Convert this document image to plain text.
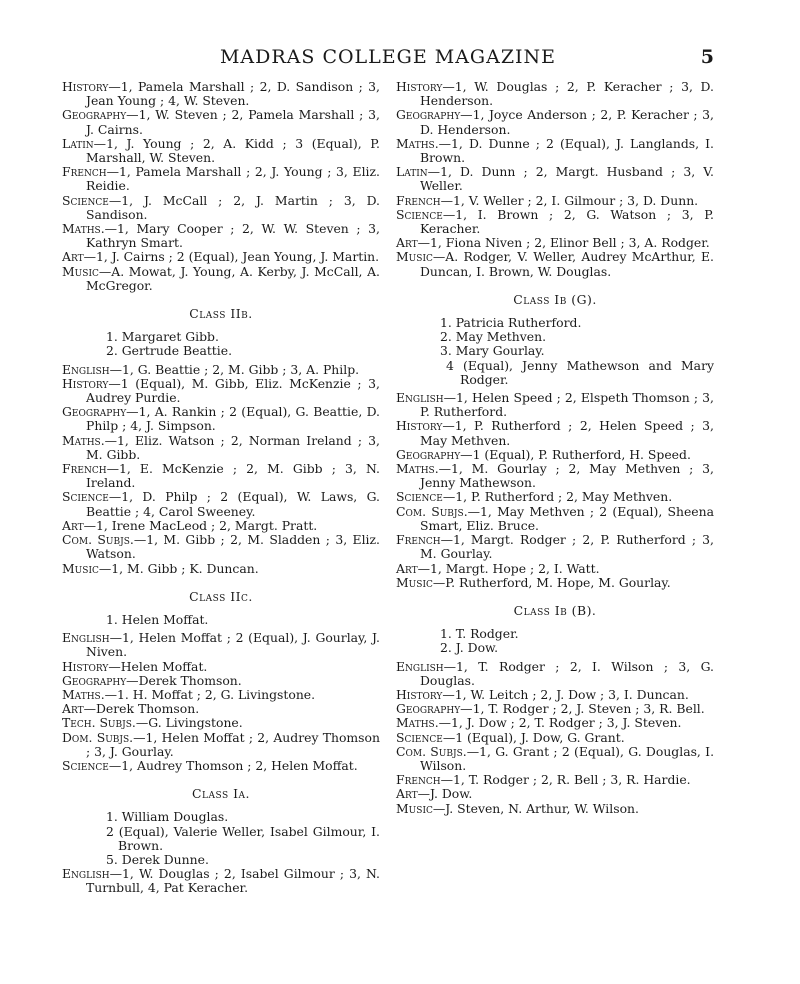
MADRAS COLLEGE MAGAZINE	5

History—1, Pamela Marshall ; 2, D. Sandison ; 3, Jean Young ; 4, W. Steven.

Geography—1, W. Steven ; 2, Pamela Marshall ; 3, J. Cairns.

Latin—1, J. Young ; 2, A. Kidd ; 3 (Equal), P. Marshall, W. Steven.

French—1, Pamela Marshall ; 2, J. Young ; 3, Eliz. Reidie.

Science—1, J. McCall ; 2, J. Martin ; 3, D. Sandison.

Maths.—1, Mary Cooper ; 2, W. W. Steven ; 3, Kathryn Smart.

Art—1, J. Cairns ; 2 (Equal), Jean Young, J. Martin.

Music—A. Mowat, J. Young, A. Kerby, J. McCall, A. McGregor.

Class IIb.

1. Margaret Gibb.

2. Gertrude Beattie.

English—1, G. Beattie ; 2, M. Gibb ; 3, A. Philp.

History—1 (Equal), M. Gibb, Eliz. McKenzie ; 3, Audrey Purdie.

Geography—1, A. Rankin ; 2 (Equal), G. Beattie, D. Philp ; 4, J. Simpson.

Maths.—1, Eliz. Watson ; 2, Norman Ireland ; 3, M. Gibb.

French—1, E. McKenzie ; 2, M. Gibb ; 3, N. Ireland.

Science—1, D. Philp ; 2 (Equal), W. Laws, G. Beattie ; 4, Carol Sweeney.

Art—1, Irene MacLeod ; 2, Margt. Pratt.

Com. Subjs.—1, M. Gibb ; 2, M. Sladden ; 3, Eliz. Watson.

Music—1, M. Gibb ; K. Duncan.

Class IIc.

1. Helen Moffat.

English—1, Helen Moffat ; 2 (Equal), J. Gourlay, J. Niven.

History—Helen Moffat.

Geography—Derek Thomson.

Maths.—1. H. Moffat ; 2, G. Livingstone.

Art—Derek Thomson.

Tech. Subjs.—G. Livingstone.

Dom. Subjs.—1, Helen Moffat ; 2, Audrey Thomson ; 3, J. Gourlay.

Science—1, Audrey Thomson ; 2, Helen Moffat.

Class Ia.

1. William Douglas.

2 (Equal), Valerie Weller, Isabel Gilmour, I. Brown.

5. Derek Dunne.

English—1, W. Douglas ; 2, Isabel Gilmour ; 3, N. Turnbull, 4, Pat Keracher.

History—1, W. Douglas ; 2, P. Keracher ; 3, D. Henderson.

Geography—1, Joyce Anderson ; 2, P. Keracher ; 3, D. Henderson.

Maths.—1, D. Dunne ; 2 (Equal), J. Langlands, I. Brown.

Latin—1, D. Dunn ; 2, Margt. Husband ; 3, V. Weller.

French—1, V. Weller ; 2, I. Gilmour ; 3, D. Dunn.

Science—1, I. Brown ; 2, G. Watson ; 3, P. Keracher.

Art—1, Fiona Niven ; 2, Elinor Bell ; 3, A. Rodger.

Music—A. Rodger, V. Weller, Audrey McArthur, E. Duncan, I. Brown, W. Douglas.

Class Ib (G).

1. Patricia Rutherford.

2. May Methven.

3. Mary Gourlay.

4 (Equal), Jenny Mathewson and Mary Rodger.

English—1, Helen Speed ; 2, Elspeth Thomson ; 3, P. Rutherford.

History—1, P. Rutherford ; 2, Helen Speed ; 3, May Methven.

Geography—1 (Equal), P. Rutherford, H. Speed.

Maths.—1, M. Gourlay ; 2, May Methven ; 3, Jenny Mathewson.

Science—1, P. Rutherford ; 2, May Methven.

Com. Subjs.—1, May Methven ; 2 (Equal), Sheena Smart, Eliz. Bruce.

French—1, Margt. Rodger ; 2, P. Rutherford ; 3, M. Gourlay.

Art—1, Margt. Hope ; 2, I. Watt.

Music—P. Rutherford, M. Hope, M. Gourlay.

Class Ib (B).

1. T. Rodger.

2. J. Dow.

English—1, T. Rodger ; 2, I. Wilson ; 3, G. Douglas.

History—1, W. Leitch ; 2, J. Dow ; 3, I. Duncan.

Geography—1, T. Rodger ; 2, J. Steven ; 3, R. Bell.

Maths.—1, J. Dow ; 2, T. Rodger ; 3, J. Steven.

Science—1 (Equal), J. Dow, G. Grant.

Com. Subjs.—1, G. Grant ; 2 (Equal), G. Douglas, I. Wilson.

French—1, T. Rodger ; 2, R. Bell ; 3, R. Hardie.

Art—J. Dow.

Music—J. Steven, N. Arthur, W. Wilson.
